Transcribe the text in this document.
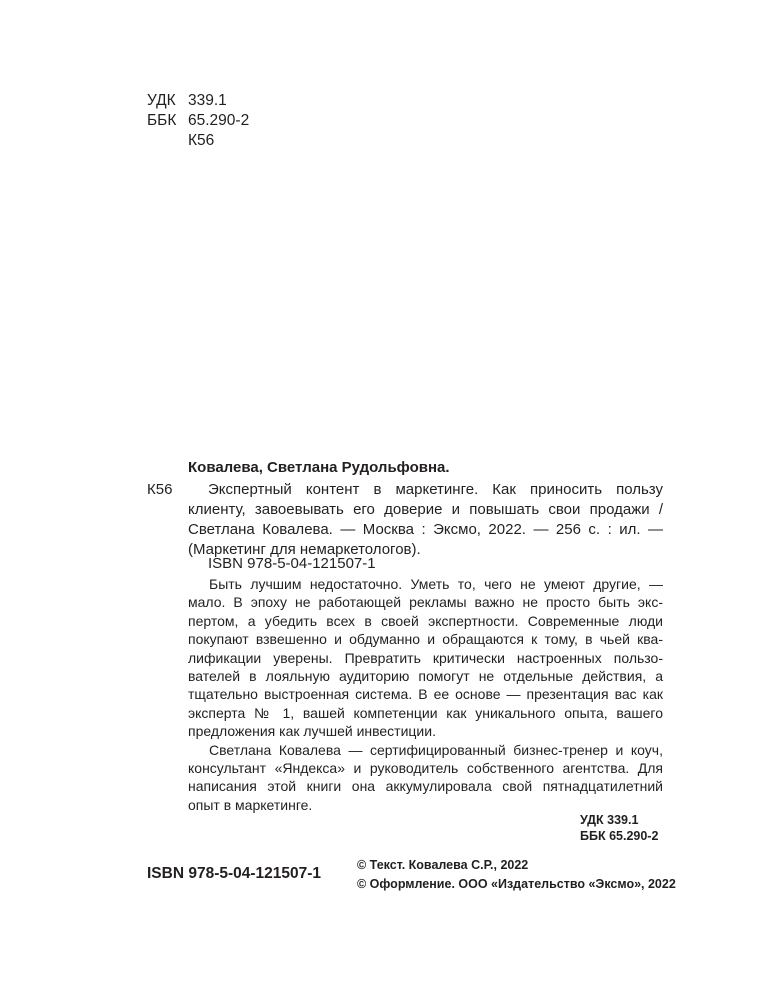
УДК 339.1
ББК 65.290-2
К56
Ковалева, Светлана Рудольфовна.
К56	Экспертный контент в маркетинге. Как приносить пользу
клиенту, завоевывать его доверие и повышать свои продажи /
Светлана Ковалева. — Москва : Эксмо, 2022. — 256 с. : ил. —
(Маркетинг для немаркетологов).
ISBN 978-5-04-121507-1
Быть лучшим недостаточно. Уметь то, чего не умеют другие, —
мало. В эпоху не работающей рекламы важно не просто быть экс-
пертом, а убедить всех в своей экспертности. Современные люди
покупают взвешенно и обдуманно и обращаются к тому, в чьей ква-
лификации уверены. Превратить критически настроенных пользо-
вателей в лояльную аудиторию помогут не отдельные действия, а
тщательно выстроенная система. В ее основе — презентация вас как
эксперта № 1, вашей компетенции как уникального опыта, вашего
предложения как лучшей инвестиции.
Светлана Ковалева — сертифицированный бизнес-тренер и коуч,
консультант «Яндекса» и руководитель собственного агентства. Для
написания этой книги она аккумулировала свой пятнадцатилетний
опыт в маркетинге.
УДК 339.1
ББК 65.290-2
ISBN 978-5-04-121507-1	© Текст. Ковалева С.Р., 2022
© Оформление. ООО «Издательство «Эксмо», 2022
